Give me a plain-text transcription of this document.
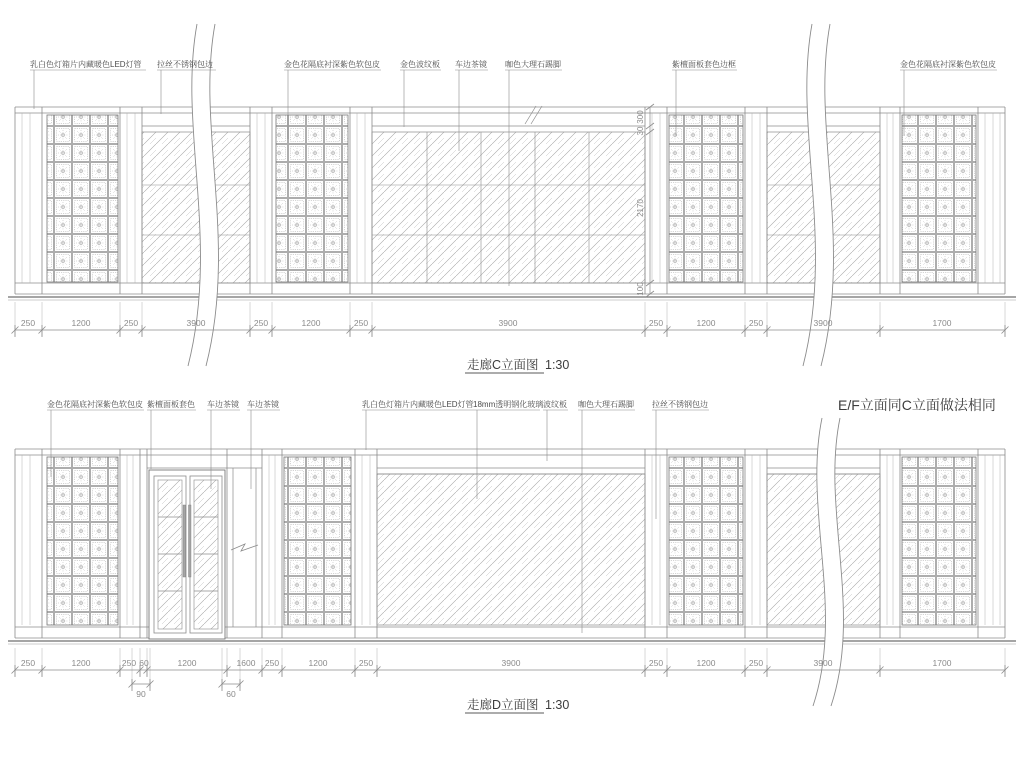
250	1200	250	3900	250	1200	250	3900	250	1200	250	3900	1700
300
30
2170
100
乳白色灯箱片内藏暖色LED灯管 拉丝不锈钢包边	金色花隔底衬深紫色软包皮	金色波纹板 车边茶镜 咖色大理石踢脚	紫檀面板套色边框	金色花隔底衬深紫色软包皮
走廊C立面图 1:30
250	1200	250 60	1200	1600 250	1200	250	3900	250	1200	250	3900	1700
90	60
金色花隔底衬深紫色软包皮 紫檀面板套色 车边茶镜 车边茶镜	乳白色灯箱片内藏暖色LED灯管 18mm透明钢化玻璃 波纹板 咖色大理石踢脚 拉丝不锈钢包边
走廊D立面图 1:30
E/F立面同C立面做法相同
